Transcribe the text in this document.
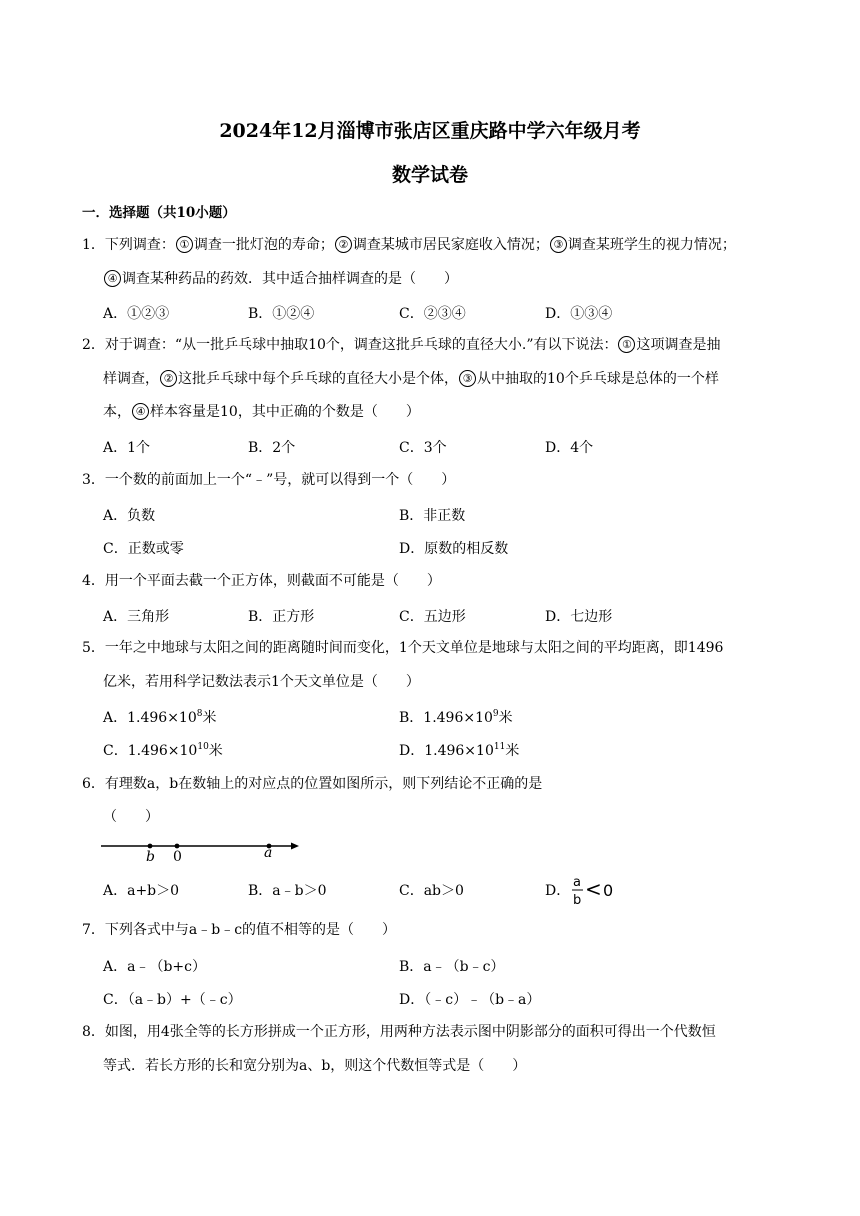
2024年12月淄博市张店区重庆路中学六年级月考
数学试卷
一．选择题（共10小题）
1．下列调查： ① 调查一批灯泡的寿命； ② 调查某城市居民家庭收入情况； ③ 调查某班学生的视力情况；
④ 调查某种药品的药效．其中适合抽样调查的是（　　）
A．①②③	B．①②④	C．②③④	D．①③④
2．对于调查：“从一批乒乓球中抽取10个，调查这批乒乓球的直径大小.”有以下说法： ① 这项调查是抽
样调查， ② 这批乒乓球中每个乒乓球的直径大小是个体， ③ 从中抽取的10个乒乓球是总体的一个样
本， ④ 样本容量是10，其中正确的个数是（　　）
A．1个	B．2个	C．3个	D．4个
3．一个数的前面加上一个“﹣”号，就可以得到一个（　　）
A．负数	B．非正数
C．正数或零	D．原数的相反数
4．用一个平面去截一个正方体，则截面不可能是（　　）
A．三角形	B．正方形	C．五边形	D．七边形
5．一年之中地球与太阳之间的距离随时间而变化，1个天文单位是地球与太阳之间的平均距离，即1496
亿米，若用科学记数法表示1个天文单位是（　　）
A．$1.496\times 10^8$米	B．$1.496\times 10^9$米
C．$1.496\times 10^{10}$米	D．$1.496\times 10^{11}$米
6．有理数a，b在数轴上的对应点的位置如图所示，则下列结论不正确的是
（　　）
b 0	a
A．a+b＞0	B．a﹣b＞0	C．ab＞0	D．
a
b < 0
7．下列各式中与a﹣b﹣c的值不相等的是（　　）
A．a﹣（b+c）	B．a﹣（b﹣c）
C．（a﹣b）+（﹣c）	D．（﹣c）﹣（b﹣a）
8．如图，用4张全等的长方形拼成一个正方形，用两种方法表示图中阴影部分的面积可得出一个代数恒
等式．若长方形的长和宽分别为a、b，则这个代数恒等式是（　　）
